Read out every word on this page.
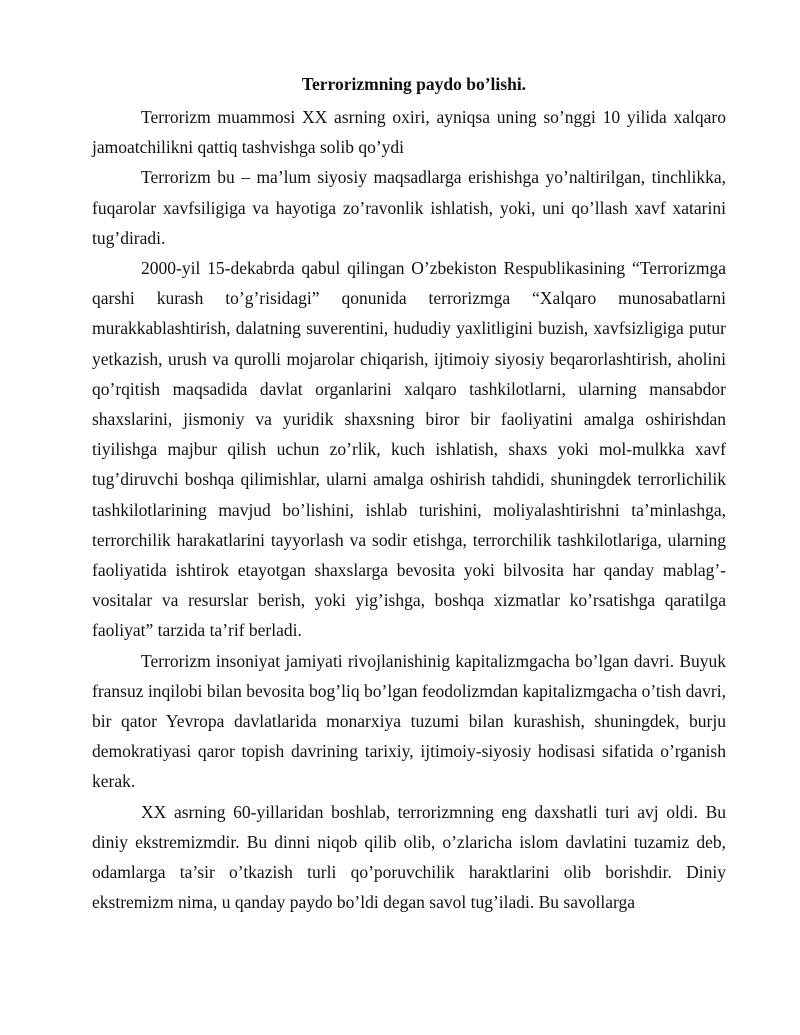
Terrorizmning paydo bo’lishi.

Terrorizm muammosi XX asrning oxiri, ayniqsa uning so’nggi 10 yilida xalqaro jamoatchilikni qattiq tashvishga solib qo’ydi

Terrorizm bu – ma’lum siyosiy maqsadlarga erishishga yo’naltirilgan, tinchlikka, fuqarolar xavfsiligiga va hayotiga zo’ravonlik ishlatish, yoki, uni qo’llash xavf xatarini tug’diradi.

2000-yil 15-dekabrda qabul qilingan O’zbekiston Respublikasining “Terrorizmga qarshi kurash to’g’risidagi” qonunida terrorizmga “Xalqaro munosabatlarni murakkablashtirish, dalatning suverentini, hududiy yaxlitligini buzish, xavfsizligiga putur yetkazish, urush va qurolli mojarolar chiqarish, ijtimoiy siyosiy beqarorlashtirish, aholini qo’rqitish maqsadida davlat organlarini xalqaro tashkilotlarni, ularning mansabdor shaxslarini, jismoniy va yuridik shaxsning biror bir faoliyatini amalga oshirishdan tiyilishga majbur qilish uchun zo’rlik, kuch ishlatish, shaxs yoki mol-mulkka xavf tug’diruvchi boshqa qilimishlar, ularni amalga oshirish tahdidi, shuningdek terrorlichilik tashkilotlarining mavjud bo’lishini, ishlab turishini, moliyalashtirishni ta’minlashga, terrorchilik harakatlarini tayyorlash va sodir etishga, terrorchilik tashkilotlariga, ularning faoliyatida ishtirok etayotgan shaxslarga bevosita yoki bilvosita har qanday mablag’-vositalar va resurslar berish, yoki yig’ishga, boshqa xizmatlar ko’rsatishga qaratilga faoliyat” tarzida ta’rif berladi.

Terrorizm insoniyat jamiyati rivojlanishinig kapitalizmgacha bo’lgan davri. Buyuk fransuz inqilobi bilan bevosita bog’liq bo’lgan feodolizmdan kapitalizmgacha o’tish davri, bir qator Yevropa davlatlarida monarxiya tuzumi bilan kurashish, shuningdek, burju demokratiyasi qaror topish davrining tarixiy, ijtimoiy-siyosiy hodisasi sifatida o’rganish kerak.

XX asrning 60-yillaridan boshlab, terrorizmning eng daxshatli turi avj oldi. Bu diniy ekstremizmdir. Bu dinni niqob qilib olib, o’zlaricha islom davlatini tuzamiz deb, odamlarga ta’sir o’tkazish turli qo’poruvchilik haraktlarini olib borishdir. Diniy ekstremizm nima, u qanday paydo bo’ldi degan savol tug’iladi. Bu savollarga
